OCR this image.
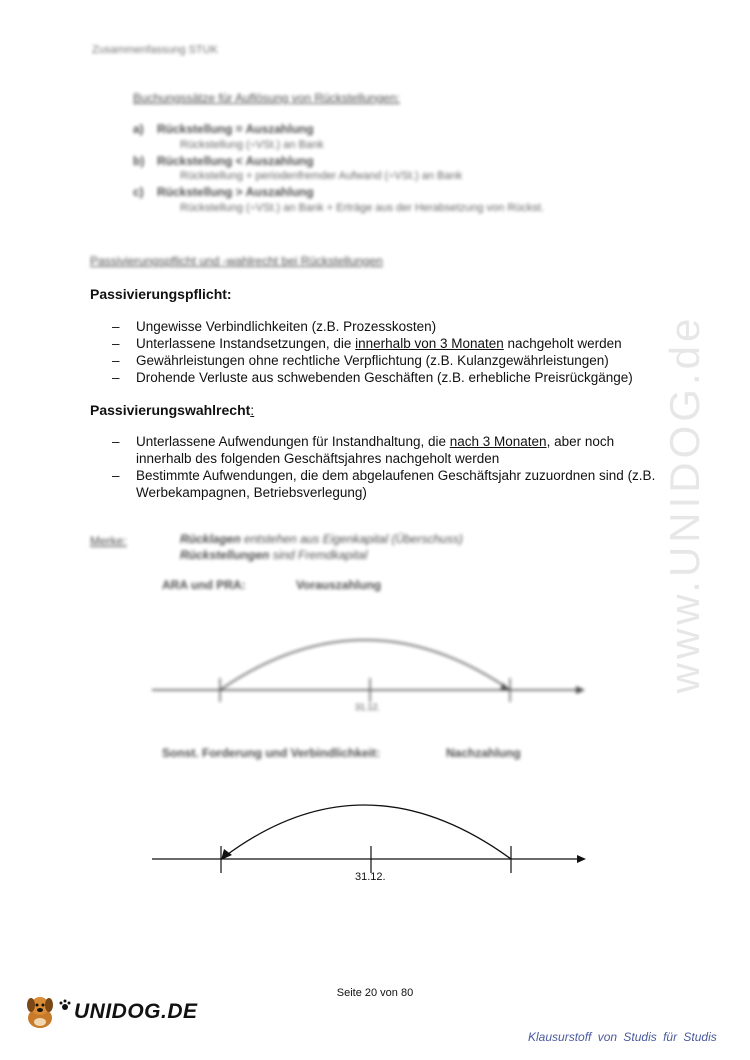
www.UNIDOG.de
Zusammenfassung STUK
Buchungssätze für Auflösung von Rückstellungen:
a) Rückstellung = Auszahlung
Rückstellung (÷VSt.) an Bank
b) Rückstellung < Auszahlung
Rückstellung + periodenfremder Aufwand (÷VSt.) an Bank
c) Rückstellung > Auszahlung
Rückstellung (÷VSt.) an Bank + Erträge aus der Herabsetzung von Rückst.
Passivierungspflicht und -wahlrecht bei Rückstellungen
Passivierungspflicht:
– Ungewisse Verbindlichkeiten (z.B. Prozesskosten)
– Unterlassene Instandsetzungen, die innerhalb von 3 Monaten nachgeholt werden
– Gewährleistungen ohne rechtliche Verpflichtung (z.B. Kulanzgewährleistungen)
– Drohende Verluste aus schwebenden Geschäften (z.B. erhebliche Preisrückgänge)
Passivierungswahlrecht:
– Unterlassene Aufwendungen für Instandhaltung, die nach 3 Monaten, aber noch innerhalb des folgenden Geschäftsjahres nachgeholt werden
– Bestimmte Aufwendungen, die dem abgelaufenen Geschäftsjahr zuzuordnen sind (z.B. Werbekampagnen, Betriebsverlegung)
Merke:	Rücklagen entstehen aus Eigenkapital (Überschuss)
Rückstellungen sind Fremdkapital
ARA und PRA:	Vorauszahlung
31.12.
Sonst. Forderung und Verbindlichkeit:	Nachzahlung
31.12.
Seite 20 von 80
UNIDOG.DE
Klausurstoff von Studis für Studis
